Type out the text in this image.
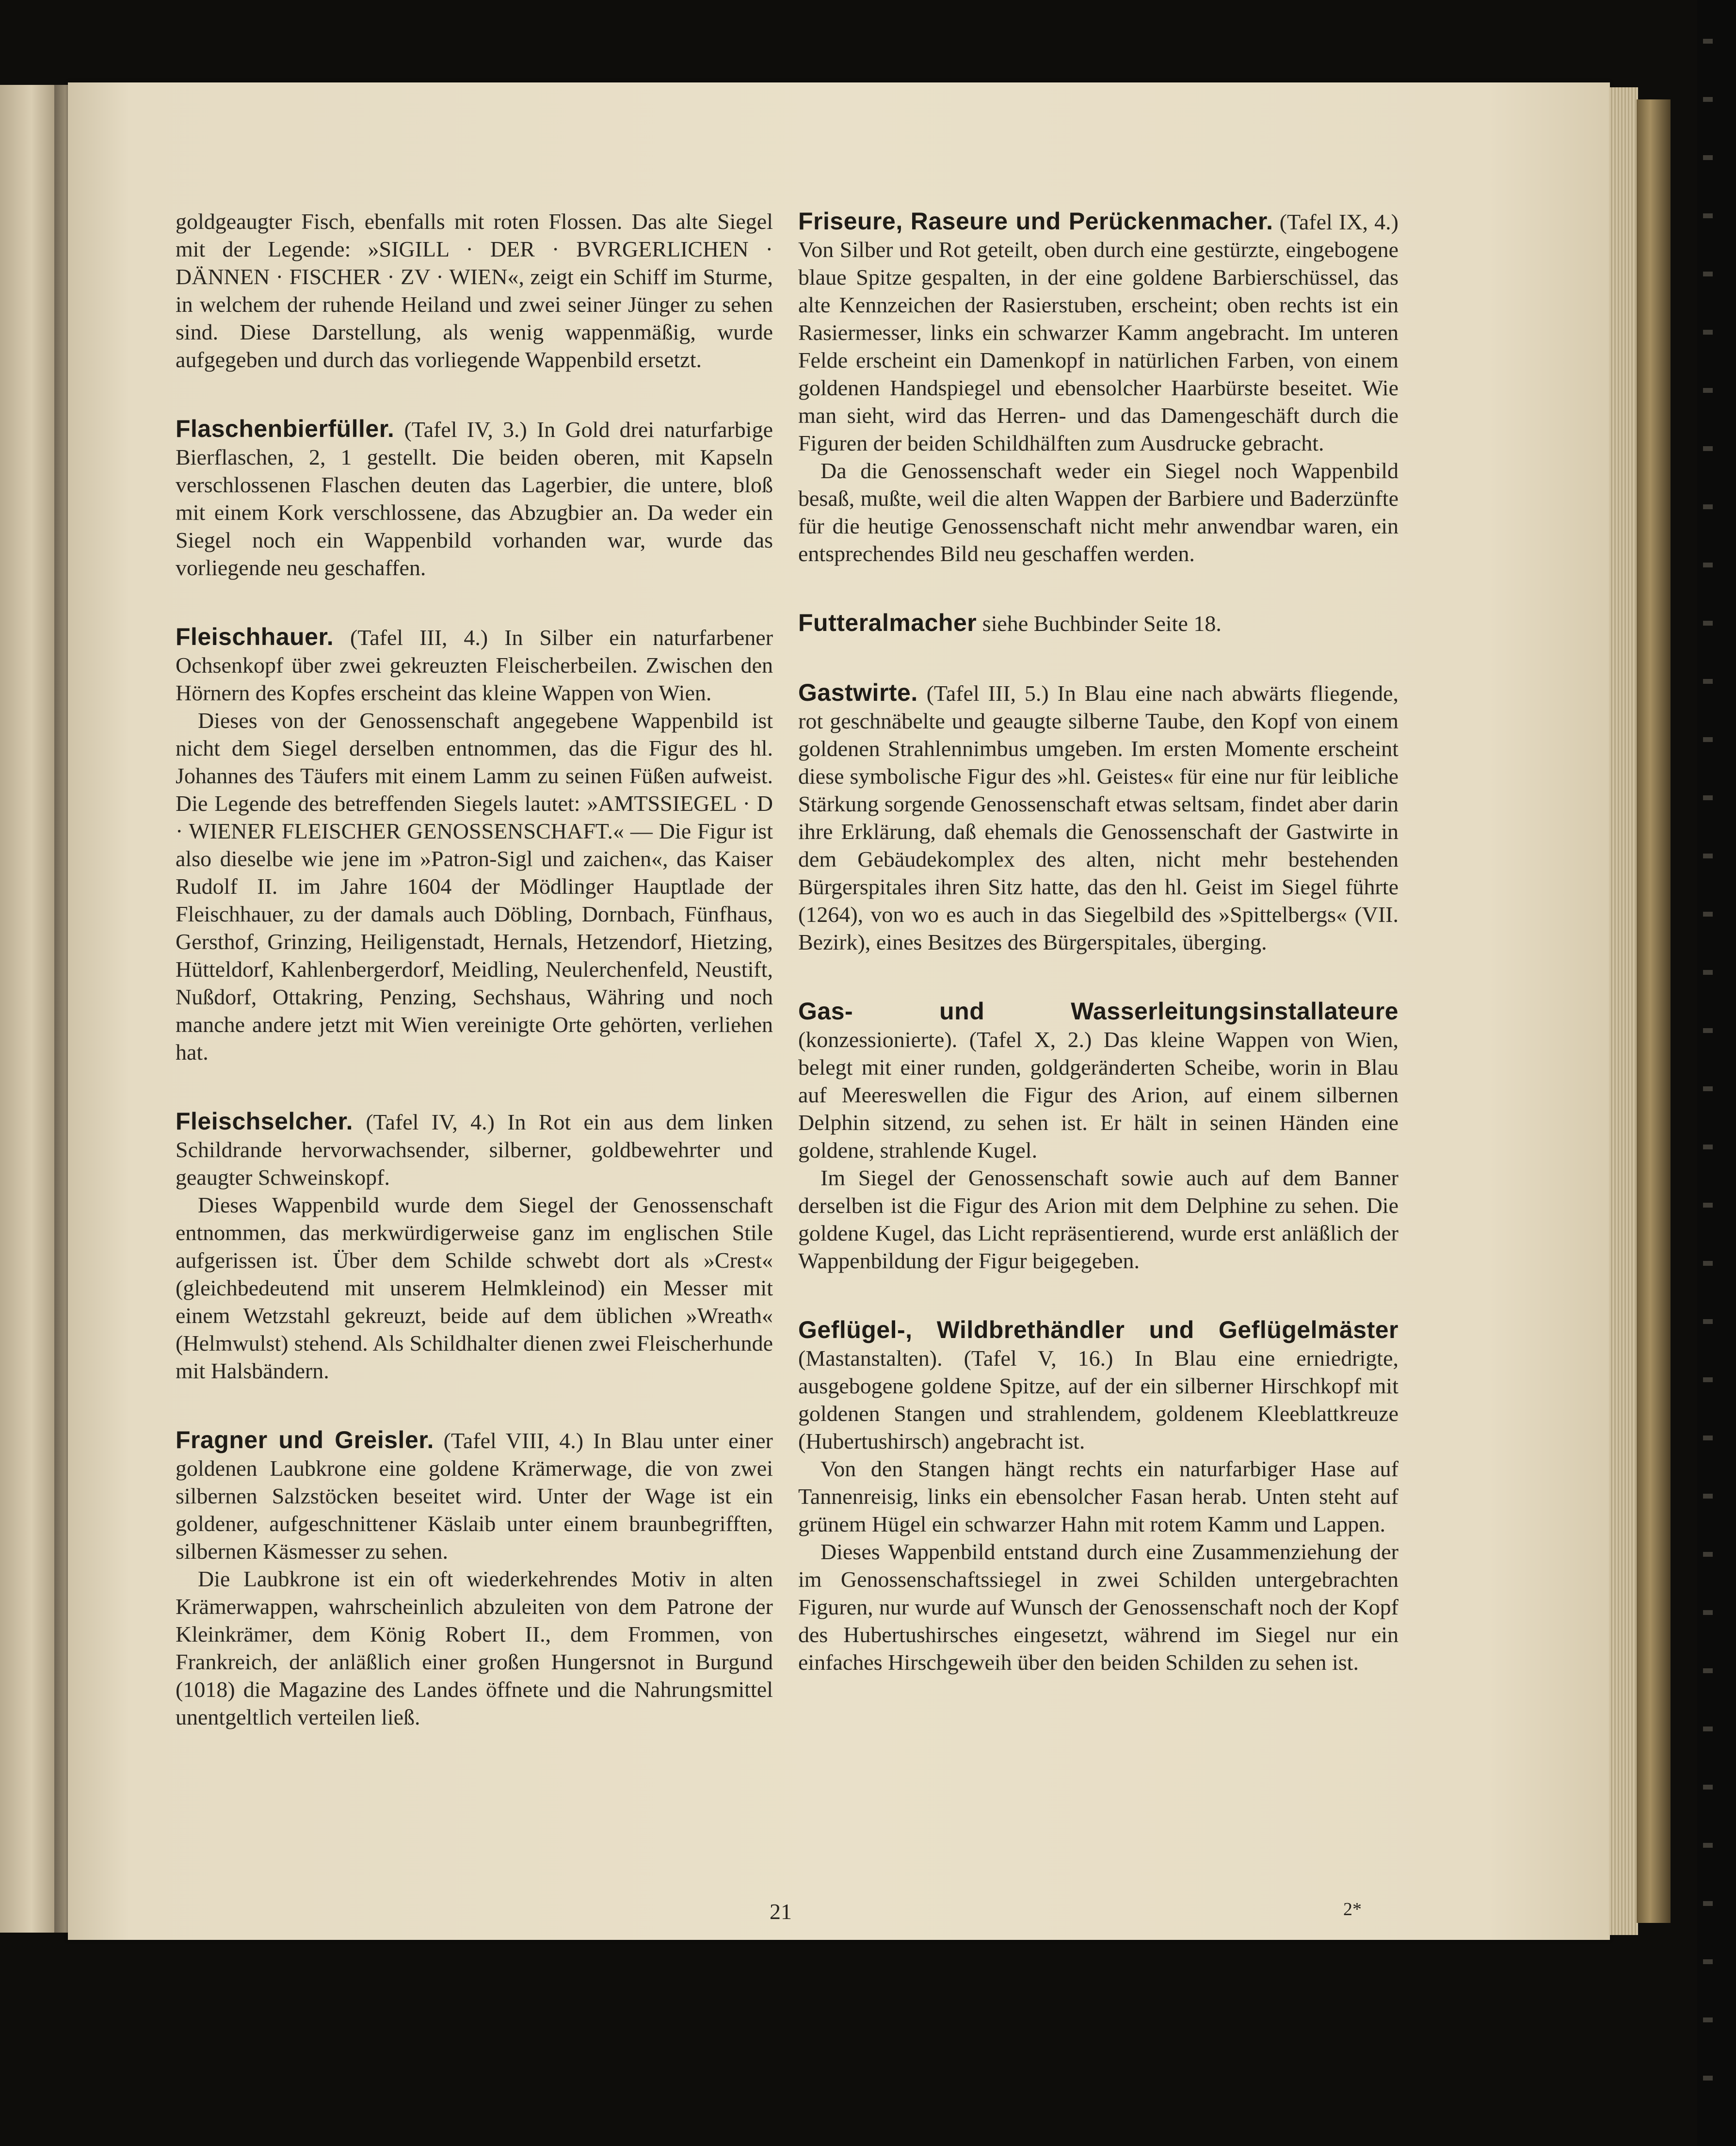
goldgeaugter Fisch, ebenfalls mit roten Flossen. Das alte Siegel mit der Legende: »SIGILL · DER · BVRGERLICHEN · DÄNNEN · FISCHER · ZV · WIEN«, zeigt ein Schiff im Sturme, in welchem der ruhende Heiland und zwei seiner Jünger zu sehen sind. Diese Darstellung, als wenig wappenmäßig, wurde aufgegeben und durch das vorliegende Wappenbild ersetzt.

Flaschenbierfüller. (Tafel IV, 3.) In Gold drei naturfarbige Bierflaschen, 2, 1 gestellt. Die beiden oberen, mit Kapseln verschlossenen Flaschen deuten das Lagerbier, die untere, bloß mit einem Kork verschlossene, das Abzugbier an. Da weder ein Siegel noch ein Wappenbild vorhanden war, wurde das vorliegende neu geschaffen.

Fleischhauer. (Tafel III, 4.) In Silber ein naturfarbener Ochsenkopf über zwei gekreuzten Fleischerbeilen. Zwischen den Hörnern des Kopfes erscheint das kleine Wappen von Wien.

Dieses von der Genossenschaft angegebene Wappenbild ist nicht dem Siegel derselben entnommen, das die Figur des hl. Johannes des Täufers mit einem Lamm zu seinen Füßen aufweist. Die Legende des betreffenden Siegels lautet: »AMTSSIEGEL · D · WIENER FLEISCHER GENOSSENSCHAFT.« — Die Figur ist also dieselbe wie jene im »Patron-Sigl und zaichen«, das Kaiser Rudolf II. im Jahre 1604 der Mödlinger Hauptlade der Fleischhauer, zu der damals auch Döbling, Dornbach, Fünfhaus, Gersthof, Grinzing, Heiligenstadt, Hernals, Hetzendorf, Hietzing, Hütteldorf, Kahlenbergerdorf, Meidling, Neulerchenfeld, Neustift, Nußdorf, Ottakring, Penzing, Sechshaus, Währing und noch manche andere jetzt mit Wien vereinigte Orte gehörten, verliehen hat.

Fleischselcher. (Tafel IV, 4.) In Rot ein aus dem linken Schildrande hervorwachsender, silberner, goldbewehrter und geaugter Schweinskopf.

Dieses Wappenbild wurde dem Siegel der Genossenschaft entnommen, das merkwürdigerweise ganz im englischen Stile aufgerissen ist. Über dem Schilde schwebt dort als »Crest« (gleichbedeutend mit unserem Helmkleinod) ein Messer mit einem Wetzstahl gekreuzt, beide auf dem üblichen »Wreath« (Helmwulst) stehend. Als Schildhalter dienen zwei Fleischerhunde mit Halsbändern.

Fragner und Greisler. (Tafel VIII, 4.) In Blau unter einer goldenen Laubkrone eine goldene Krämerwage, die von zwei silbernen Salzstöcken beseitet wird. Unter der Wage ist ein goldener, aufgeschnittener Käslaib unter einem braunbegrifften, silbernen Käsmesser zu sehen.

Die Laubkrone ist ein oft wiederkehrendes Motiv in alten Krämerwappen, wahrscheinlich abzuleiten von dem Patrone der Kleinkrämer, dem König Robert II., dem Frommen, von Frankreich, der anläßlich einer großen Hungersnot in Burgund (1018) die Magazine des Landes öffnete und die Nahrungsmittel unentgeltlich verteilen ließ.

Friseure, Raseure und Perückenmacher. (Tafel IX, 4.) Von Silber und Rot geteilt, oben durch eine gestürzte, eingebogene blaue Spitze gespalten, in der eine goldene Barbierschüssel, das alte Kennzeichen der Rasierstuben, erscheint; oben rechts ist ein Rasiermesser, links ein schwarzer Kamm angebracht. Im unteren Felde erscheint ein Damenkopf in natürlichen Farben, von einem goldenen Handspiegel und ebensolcher Haarbürste beseitet. Wie man sieht, wird das Herren- und das Damengeschäft durch die Figuren der beiden Schildhälften zum Ausdrucke gebracht.

Da die Genossenschaft weder ein Siegel noch Wappenbild besaß, mußte, weil die alten Wappen der Barbiere und Baderzünfte für die heutige Genossenschaft nicht mehr anwendbar waren, ein entsprechendes Bild neu geschaffen werden.

Futteralmacher siehe Buchbinder Seite 18.

Gastwirte. (Tafel III, 5.) In Blau eine nach abwärts fliegende, rot geschnäbelte und geaugte silberne Taube, den Kopf von einem goldenen Strahlennimbus umgeben. Im ersten Momente erscheint diese symbolische Figur des »hl. Geistes« für eine nur für leibliche Stärkung sorgende Genossenschaft etwas seltsam, findet aber darin ihre Erklärung, daß ehemals die Genossenschaft der Gastwirte in dem Gebäudekomplex des alten, nicht mehr bestehenden Bürgerspitales ihren Sitz hatte, das den hl. Geist im Siegel führte (1264), von wo es auch in das Siegelbild des »Spittelbergs« (VII. Bezirk), eines Besitzes des Bürgerspitales, überging.

Gas- und Wasserleitungsinstallateure (konzessionierte). (Tafel X, 2.) Das kleine Wappen von Wien, belegt mit einer runden, goldgeränderten Scheibe, worin in Blau auf Meereswellen die Figur des Arion, auf einem silbernen Delphin sitzend, zu sehen ist. Er hält in seinen Händen eine goldene, strahlende Kugel.

Im Siegel der Genossenschaft sowie auch auf dem Banner derselben ist die Figur des Arion mit dem Delphine zu sehen. Die goldene Kugel, das Licht repräsentierend, wurde erst anläßlich der Wappenbildung der Figur beigegeben.

Geflügel-, Wildbrethändler und Geflügelmäster (Mastanstalten). (Tafel V, 16.) In Blau eine erniedrigte, ausgebogene goldene Spitze, auf der ein silberner Hirschkopf mit goldenen Stangen und strahlendem, goldenem Kleeblattkreuze (Hubertushirsch) angebracht ist.

Von den Stangen hängt rechts ein naturfarbiger Hase auf Tannenreisig, links ein ebensolcher Fasan herab. Unten steht auf grünem Hügel ein schwarzer Hahn mit rotem Kamm und Lappen.

Dieses Wappenbild entstand durch eine Zusammenziehung der im Genossenschaftssiegel in zwei Schilden untergebrachten Figuren, nur wurde auf Wunsch der Genossenschaft noch der Kopf des Hubertushirsches eingesetzt, während im Siegel nur ein einfaches Hirschgeweih über den beiden Schilden zu sehen ist.

21	2*
